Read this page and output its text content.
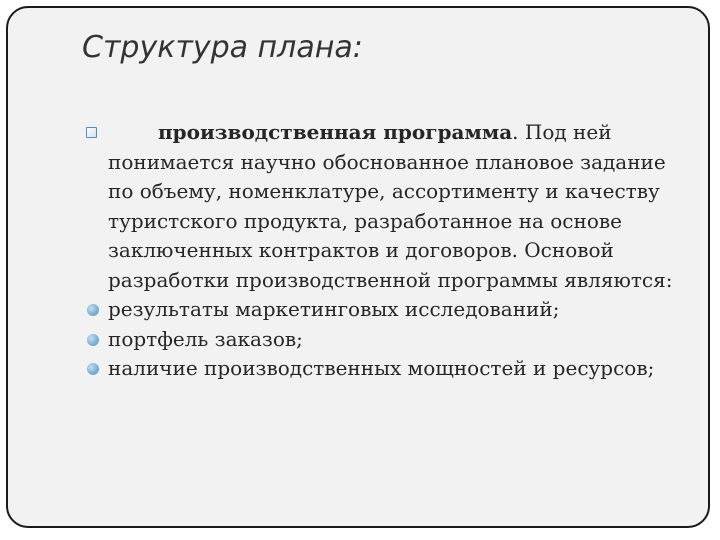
Структура плана:
производственная программа. Под ней понимается научно обоснованное плановое задание по объему, номенклатуре, ассортименту и качеству туристского продукта, разработанное на основе заключенных контрактов и договоров. Основой разработки производственной программы являются:
результаты маркетинговых исследований;
портфель заказов;
наличие производственных мощностей и ресурсов;
